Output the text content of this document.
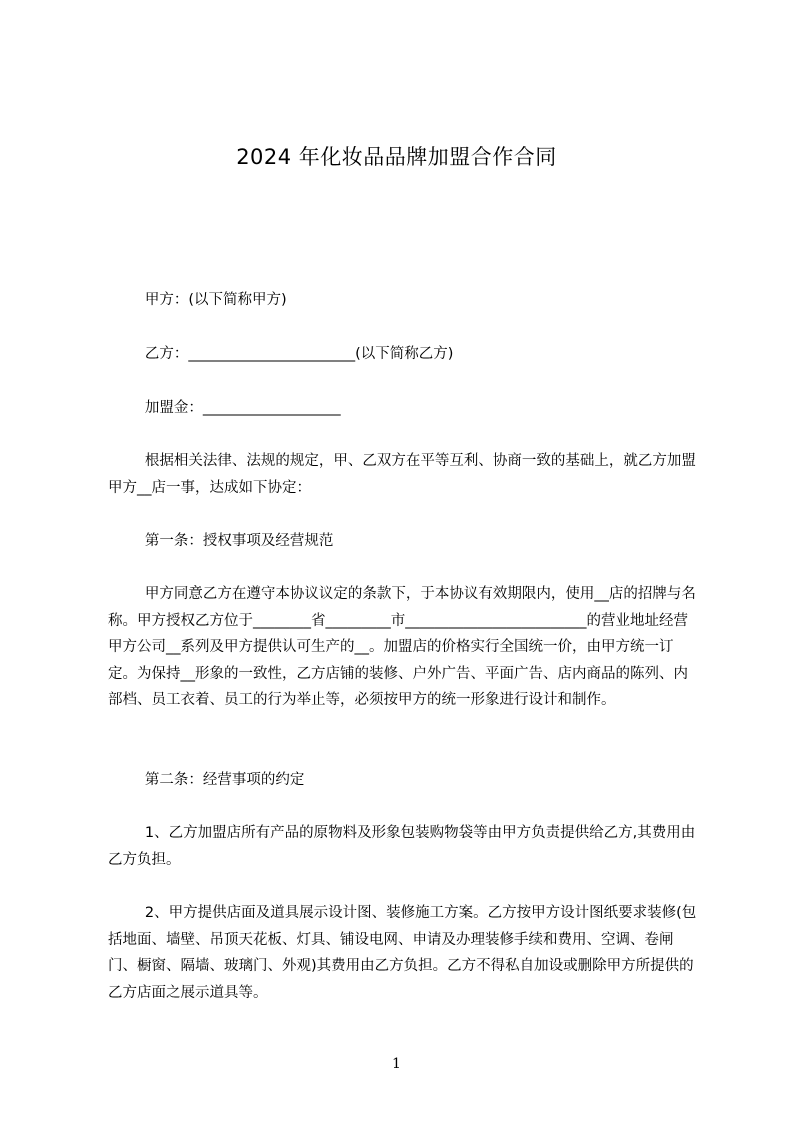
2024 年化妆品品牌加盟合作合同

甲方：(以下简称甲方)

乙方：_______________________(以下简称乙方)

加盟金：___________________

根据相关法律、法规的规定，甲、乙双方在平等互利、协商一致的基础上，就乙方加盟甲方__店一事，达成如下协定：

第一条：授权事项及经营规范

甲方同意乙方在遵守本协议议定的条款下，于本协议有效期限内，使用__店的招牌与名称。甲方授权乙方位于________省_________市_________________________的营业地址经营甲方公司__系列及甲方提供认可生产的__。加盟店的价格实行全国统一价，由甲方统一订定。为保持__形象的一致性，乙方店铺的装修、户外广告、平面广告、店内商品的陈列、内部档、员工衣着、员工的行为举止等，必须按甲方的统一形象进行设计和制作。

第二条：经营事项的约定

1、乙方加盟店所有产品的原物料及形象包装购物袋等由甲方负责提供给乙方,其费用由乙方负担。

2、甲方提供店面及道具展示设计图、装修施工方案。乙方按甲方设计图纸要求装修(包括地面、墙壁、吊顶天花板、灯具、铺设电网、申请及办理装修手续和费用、空调、卷闸门、橱窗、隔墙、玻璃门、外观)其费用由乙方负担。乙方不得私自加设或删除甲方所提供的乙方店面之展示道具等。

1
